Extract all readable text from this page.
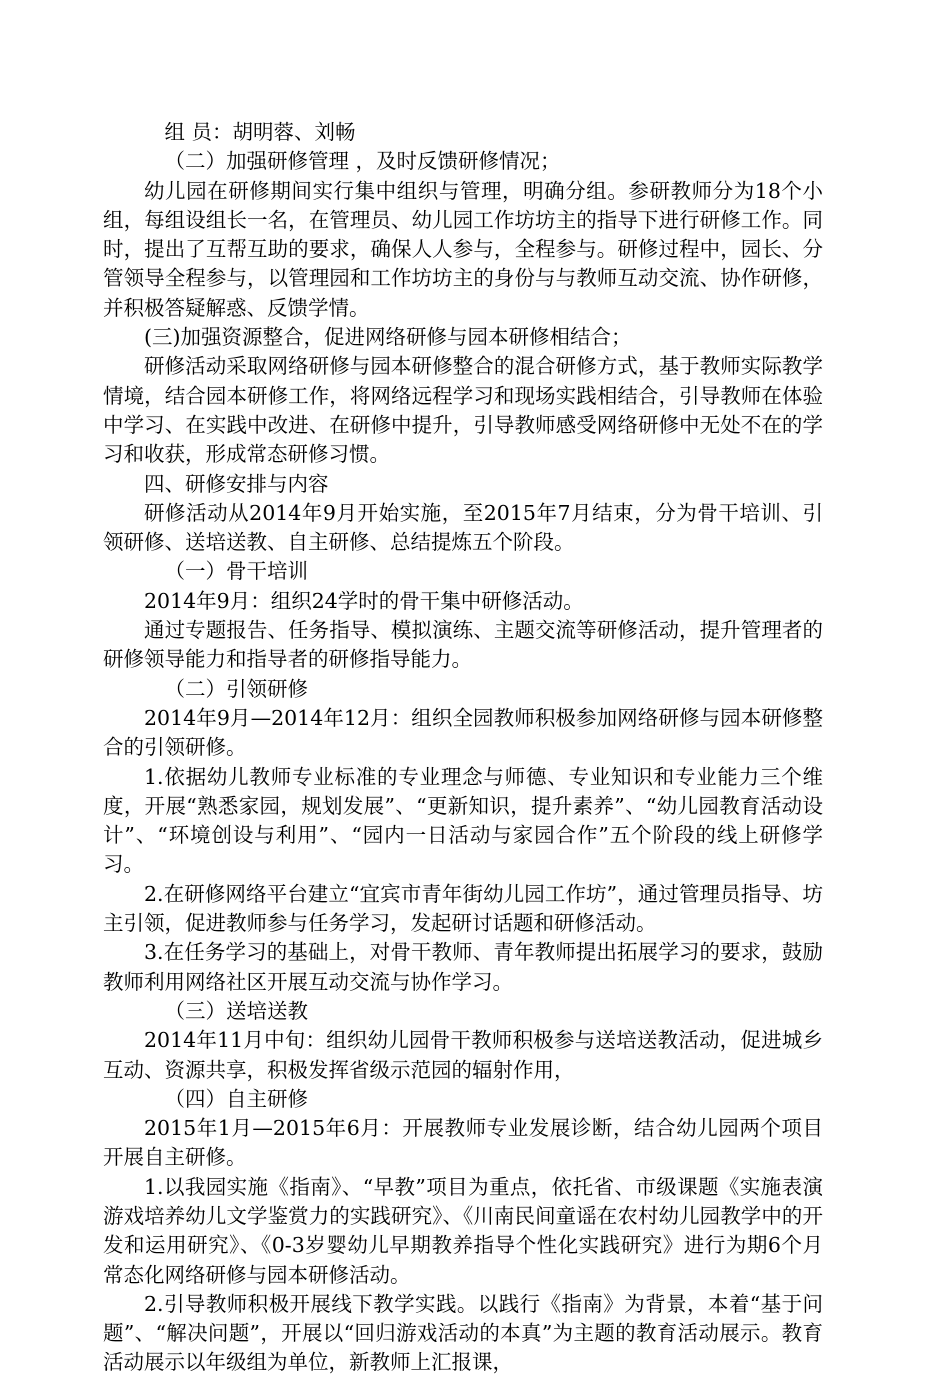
组 员：胡明蓉、刘畅

（二）加强研修管理 ，及时反馈研修情况；

幼儿园在研修期间实行集中组织与管理，明确分组。参研教师分为18个小组，每组设组长一名，在管理员、幼儿园工作坊坊主的指导下进行研修工作。同时，提出了互帮互助的要求，确保人人参与，全程参与。研修过程中，园长、分管领导全程参与，以管理园和工作坊坊主的身份与与教师互动交流、协作研修，并积极答疑解惑、反馈学情。

(三)加强资源整合，促进网络研修与园本研修相结合；

研修活动采取网络研修与园本研修整合的混合研修方式，基于教师实际教学情境，结合园本研修工作，将网络远程学习和现场实践相结合，引导教师在体验中学习、在实践中改进、在研修中提升，引导教师感受网络研修中无处不在的学习和收获，形成常态研修习惯。

四、研修安排与内容

研修活动从2014年9月开始实施，至2015年7月结束，分为骨干培训、引领研修、送培送教、自主研修、总结提炼五个阶段。

（一）骨干培训

2014年9月：组织24学时的骨干集中研修活动。

通过专题报告、任务指导、模拟演练、主题交流等研修活动，提升管理者的研修领导能力和指导者的研修指导能力。

（二）引领研修

2014年9月—2014年12月：组织全园教师积极参加网络研修与园本研修整合的引领研修。

1.依据幼儿教师专业标准的专业理念与师德、专业知识和专业能力三个维度，开展“熟悉家园，规划发展”、“更新知识，提升素养”、“幼儿园教育活动设计”、“环境创设与利用”、“园内一日活动与家园合作”五个阶段的线上研修学习。

2.在研修网络平台建立“宜宾市青年街幼儿园工作坊”，通过管理员指导、坊主引领，促进教师参与任务学习，发起研讨话题和研修活动。

3.在任务学习的基础上，对骨干教师、青年教师提出拓展学习的要求，鼓励教师利用网络社区开展互动交流与协作学习。

（三）送培送教

2014年11月中旬：组织幼儿园骨干教师积极参与送培送教活动，促进城乡互动、资源共享，积极发挥省级示范园的辐射作用，

（四）自主研修

2015年1月—2015年6月：开展教师专业发展诊断，结合幼儿园两个项目开展自主研修。

1.以我园实施《指南》、“早教”项目为重点，依托省、市级课题《实施表演游戏培养幼儿文学鉴赏力的实践研究》、《川南民间童谣在农村幼儿园教学中的开发和运用研究》、《0-3岁婴幼儿早期教养指导个性化实践研究》进行为期6个月常态化网络研修与园本研修活动。

2.引导教师积极开展线下教学实践。以践行《指南》为背景，本着“基于问题”、“解决问题”，开展以“回归游戏活动的本真”为主题的教育活动展示。教育活动展示以年级组为单位，新教师上汇报课，
